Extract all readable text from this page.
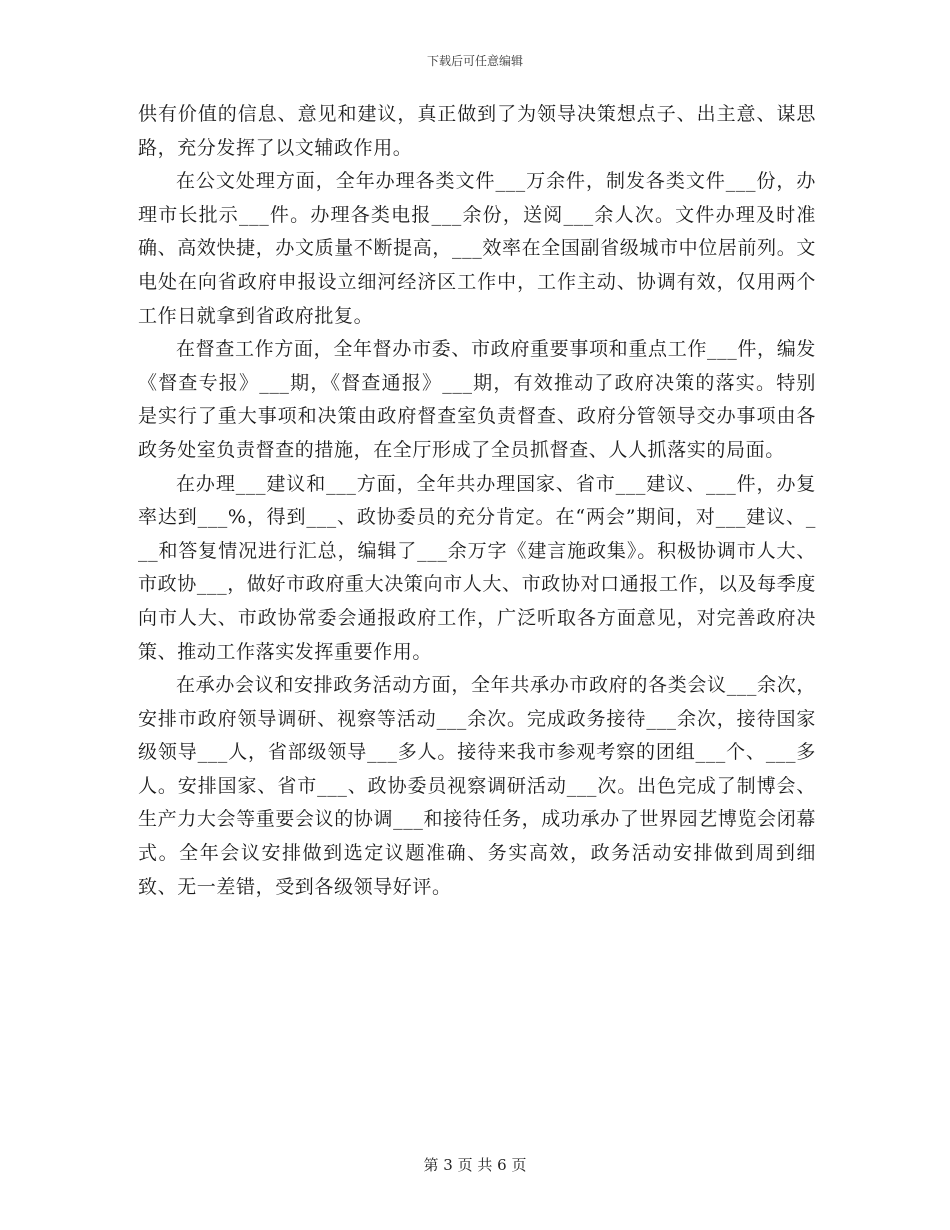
下载后可任意编辑

供有价值的信息、意见和建议，真正做到了为领导决策想点子、出主意、谋思路，充分发挥了以文辅政作用。

在公文处理方面，全年办理各类文件___万余件，制发各类文件___份，办理市长批示___件。办理各类电报___余份，送阅___余人次。文件办理及时准确、高效快捷，办文质量不断提高，___效率在全国副省级城市中位居前列。文电处在向省政府申报设立细河经济区工作中，工作主动、协调有效，仅用两个工作日就拿到省政府批复。

在督查工作方面，全年督办市委、市政府重要事项和重点工作___件，编发《督查专报》___期，《督查通报》___期，有效推动了政府决策的落实。特别是实行了重大事项和决策由政府督查室负责督查、政府分管领导交办事项由各政务处室负责督查的措施，在全厅形成了全员抓督查、人人抓落实的局面。

在办理___建议和___方面，全年共办理国家、省市___建议、___件，办复率达到___%，得到___、政协委员的充分肯定。在“两会”期间，对___建议、___和答复情况进行汇总，编辑了___余万字《建言施政集》。积极协调市人大、市政协___，做好市政府重大决策向市人大、市政协对口通报工作，以及每季度向市人大、市政协常委会通报政府工作，广泛听取各方面意见，对完善政府决策、推动工作落实发挥重要作用。

在承办会议和安排政务活动方面，全年共承办市政府的各类会议___余次，安排市政府领导调研、视察等活动___余次。完成政务接待___余次，接待国家级领导___人，省部级领导___多人。接待来我市参观考察的团组___个、___多人。安排国家、省市___、政协委员视察调研活动___次。出色完成了制博会、生产力大会等重要会议的协调___和接待任务，成功承办了世界园艺博览会闭幕式。全年会议安排做到选定议题准确、务实高效，政务活动安排做到周到细致、无一差错，受到各级领导好评。

第 3 页 共 6 页
